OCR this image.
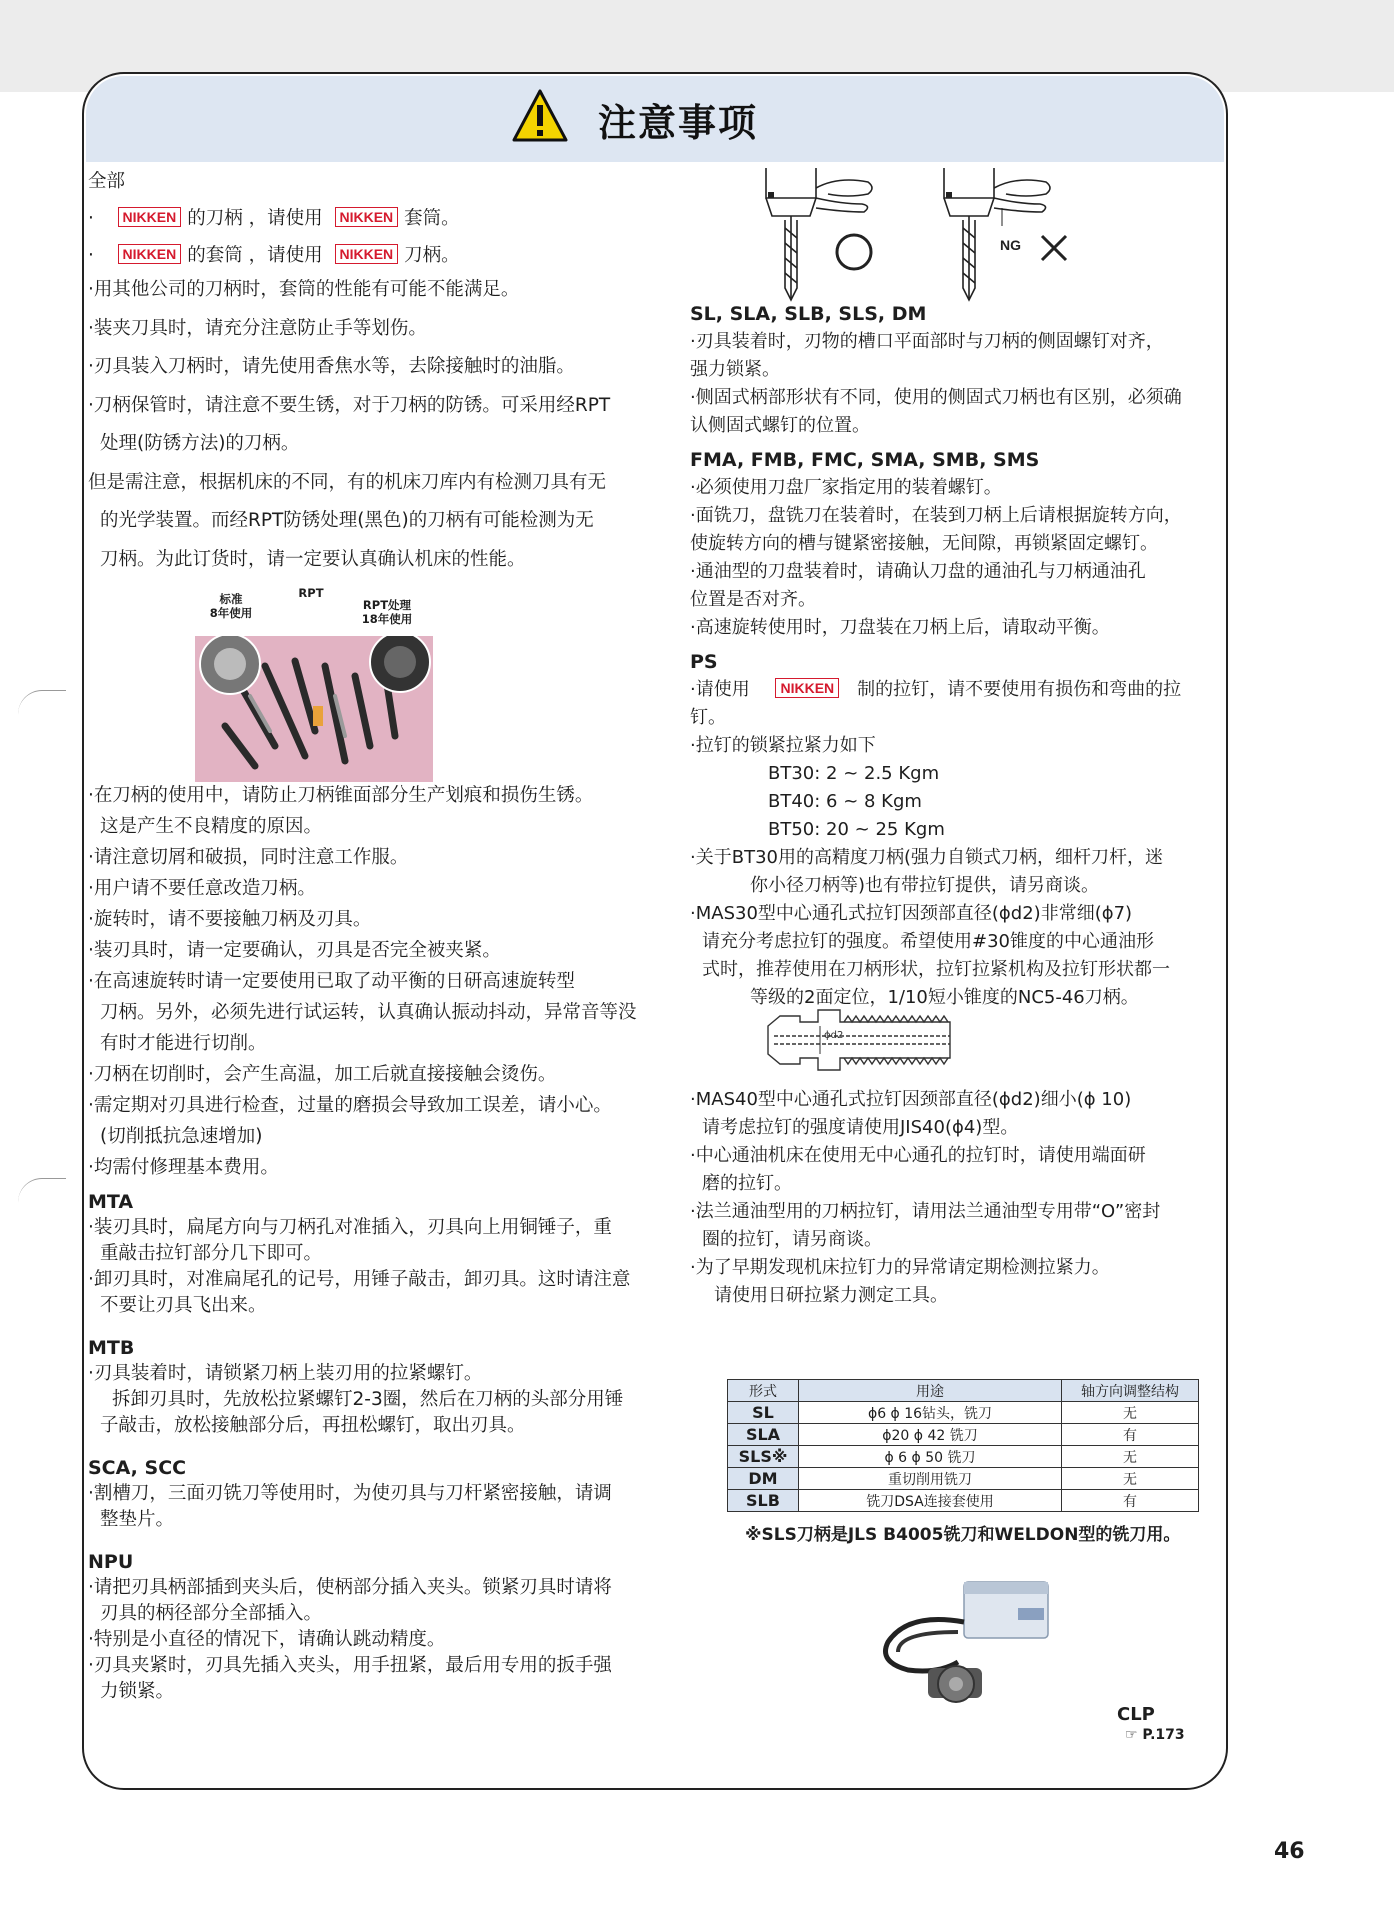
注意事项

全部

· NIKKEN 的刀柄 ，请使用 NIKKEN 套筒。

· NIKKEN 的套筒 ，请使用 NIKKEN 刀柄。

·用其他公司的刀柄时，套筒的性能有可能不能满足。

·装夹刀具时，请充分注意防止手等划伤。

·刃具装入刀柄时，请先使用香焦水等，去除接触时的油脂。

·刀柄保管时，请注意不要生锈，对于刀柄的防锈。可采用经RPT

处理(防锈方法)的刀柄。

但是需注意，根据机床的不同，有的机床刀库内有检测刀具有无

的光学装置。而经RPT防锈处理(黑色)的刀柄有可能检测为无

刀柄。为此订货时，请一定要认真确认机床的性能。

标准
8年使用
RPT
RPT处理
18年使用

·在刀柄的使用中，请防止刀柄锥面部分生产划痕和损伤生锈。

这是产生不良精度的原因。

·请注意切屑和破损，同时注意工作服。

·用户请不要任意改造刀柄。

·旋转时，请不要接触刀柄及刃具。

·装刃具时，请一定要确认，刃具是否完全被夹紧。

·在高速旋转时请一定要使用已取了动平衡的日研高速旋转型

刀柄。另外，必须先进行试运转，认真确认振动抖动，异常音等没

有时才能进行切削。

·刀柄在切削时，会产生高温，加工后就直接接触会烫伤。

·需定期对刃具进行检查，过量的磨损会导致加工误差，请小心。

(切削抵抗急速增加)

·均需付修理基本费用。

MTA

·装刃具时，扁尾方向与刀柄孔对准插入，刃具向上用铜锤子，重

重敲击拉钉部分几下即可。

·卸刃具时，对准扁尾孔的记号，用锤子敲击，卸刃具。这时请注意

不要让刃具飞出来。

MTB

·刃具装着时，请锁紧刀柄上装刃用的拉紧螺钉。

拆卸刃具时，先放松拉紧螺钉2-3圈，然后在刀柄的头部分用锤

子敲击，放松接触部分后，再扭松螺钉，取出刃具。

SCA, SCC

·割槽刀，三面刃铣刀等使用时，为使刃具与刀杆紧密接触，请调

整垫片。

NPU

·请把刃具柄部插到夹头后，使柄部分插入夹头。锁紧刃具时请将

刃具的柄径部分全部插入。

·特别是小直径的情况下，请确认跳动精度。

·刃具夹紧时，刃具先插入夹头，用手扭紧，最后用专用的扳手强

力锁紧。

NG

SL, SLA, SLB, SLS, DM

·刃具装着时，刃物的槽口平面部时与刀柄的侧固螺钉对齐，

强力锁紧。

·侧固式柄部形状有不同，使用的侧固式刀柄也有区别，必须确

认侧固式螺钉的位置。

FMA, FMB, FMC, SMA, SMB, SMS

·必须使用刀盘厂家指定用的装着螺钉。

·面铣刀，盘铣刀在装着时，在装到刀柄上后请根据旋转方向，

使旋转方向的槽与键紧密接触，无间隙，再锁紧固定螺钉。

·通油型的刀盘装着时，请确认刀盘的通油孔与刀柄通油孔

位置是否对齐。

·高速旋转使用时，刀盘装在刀柄上后，请取动平衡。

PS

·请使用 NIKKEN 制的拉钉，请不要使用有损伤和弯曲的拉

钉。

·拉钉的锁紧拉紧力如下

BT30: 2 ~ 2.5 Kgm

BT40: 6 ~ 8 Kgm

BT50: 20 ~ 25 Kgm

·关于BT30用的高精度刀柄(强力自锁式刀柄，细杆刀杆，迷

你小径刀柄等)也有带拉钉提供，请另商谈。

·MAS30型中心通孔式拉钉因颈部直径(ϕd2)非常细(ϕ7)

请充分考虑拉钉的强度。希望使用#30锥度的中心通油形

式时，推荐使用在刀柄形状，拉钉拉紧机构及拉钉形状都一

等级的2面定位，1/10短小锥度的NC5-46刀柄。

ϕd2

·MAS40型中心通孔式拉钉因颈部直径(ϕd2)细小(ϕ 10)

请考虑拉钉的强度请使用JIS40(ϕ4)型。

·中心通油机床在使用无中心通孔的拉钉时，请使用端面研

磨的拉钉。

·法兰通油型用的刀柄拉钉，请用法兰通油型专用带“O”密封

圈的拉钉，请另商谈。

·为了早期发现机床拉钉力的异常请定期检测拉紧力。

请使用日研拉紧力测定工具。

形式	用途	轴方向调整结构
SL	ϕ6 ϕ 16钻头，铣刀	无
SLA	ϕ20 ϕ 42 铣刀	有
SLS※	ϕ 6 ϕ 50 铣刀	无
DM	重切削用铣刀	无
SLB	铣刀DSA连接套使用	有
※SLS刀柄是JLS B4005铣刀和WELDON型的铣刀用。
CLP
☞ P.173
46
